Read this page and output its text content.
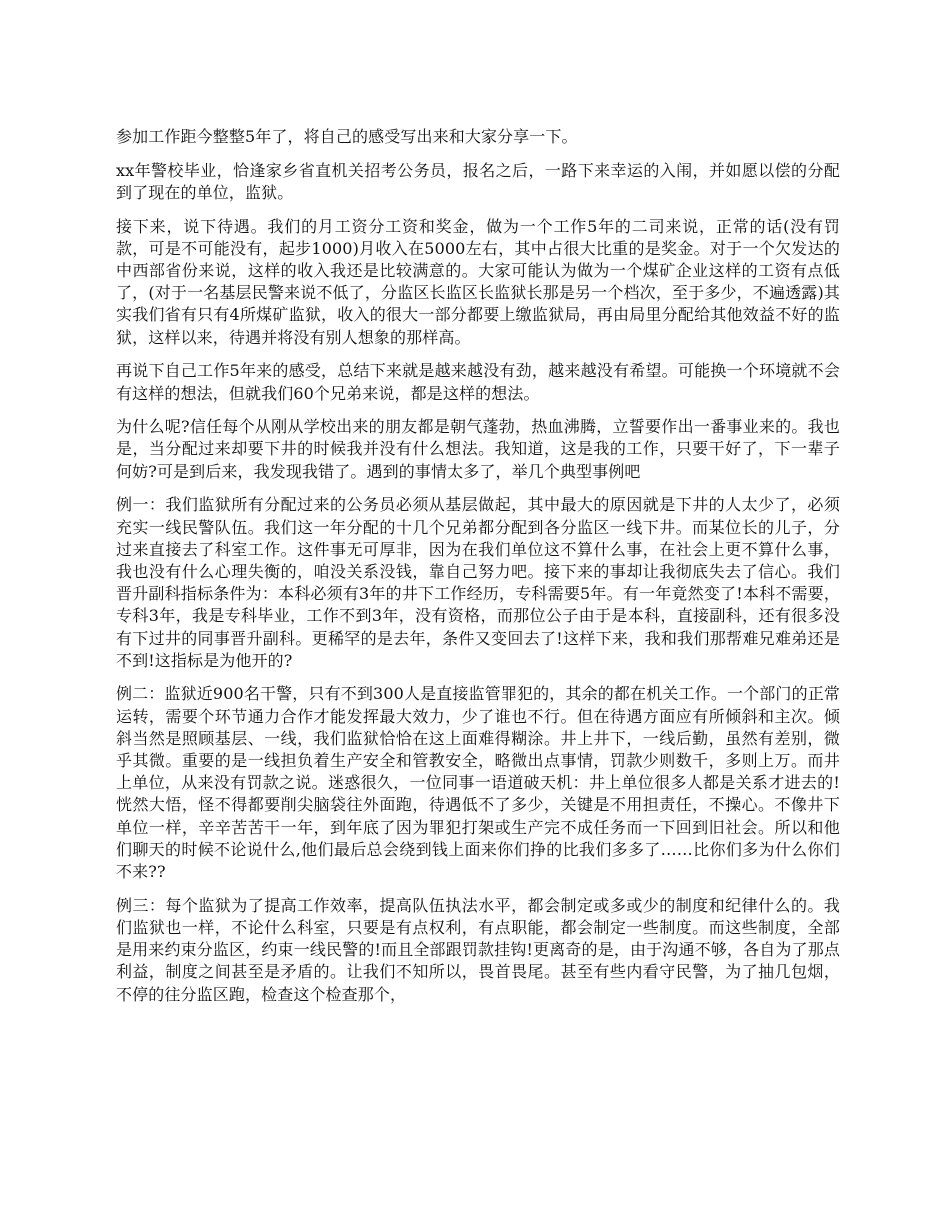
参加工作距今整整5年了，将自己的感受写出来和大家分享一下。

xx年警校毕业，恰逢家乡省直机关招考公务员，报名之后，一路下来幸运的入闱，并如愿以偿的分配到了现在的单位，监狱。

接下来，说下待遇。我们的月工资分工资和奖金，做为一个工作5年的二司来说，正常的话(没有罚款，可是不可能没有，起步1000)月收入在5000左右，其中占很大比重的是奖金。对于一个欠发达的中西部省份来说，这样的收入我还是比较满意的。大家可能认为做为一个煤矿企业这样的工资有点低了，(对于一名基层民警来说不低了，分监区长监区长监狱长那是另一个档次，至于多少，不遍透露)其实我们省有只有4所煤矿监狱，收入的很大一部分都要上缴监狱局，再由局里分配给其他效益不好的监狱，这样以来，待遇并将没有别人想象的那样高。

再说下自己工作5年来的感受，总结下来就是越来越没有劲，越来越没有希望。可能换一个环境就不会有这样的想法，但就我们60个兄弟来说，都是这样的想法。

为什么呢?信任每个从刚从学校出来的朋友都是朝气蓬勃，热血沸腾，立誓要作出一番事业来的。我也是，当分配过来却要下井的时候我并没有什么想法。我知道，这是我的工作，只要干好了，下一辈子何妨?可是到后来，我发现我错了。遇到的事情太多了，举几个典型事例吧

例一：我们监狱所有分配过来的公务员必须从基层做起，其中最大的原因就是下井的人太少了，必须充实一线民警队伍。我们这一年分配的十几个兄弟都分配到各分监区一线下井。而某位长的儿子，分过来直接去了科室工作。这件事无可厚非，因为在我们单位这不算什么事，在社会上更不算什么事，我也没有什么心理失衡的，咱没关系没钱，靠自己努力吧。接下来的事却让我彻底失去了信心。我们晋升副科指标条件为：本科必须有3年的井下工作经历，专科需要5年。有一年竟然变了!本科不需要，专科3年，我是专科毕业，工作不到3年，没有资格，而那位公子由于是本科，直接副科，还有很多没有下过井的同事晋升副科。更稀罕的是去年，条件又变回去了!这样下来，我和我们那帮难兄难弟还是不到!这指标是为他开的?

例二：监狱近900名干警，只有不到300人是直接监管罪犯的，其余的都在机关工作。一个部门的正常运转，需要个环节通力合作才能发挥最大效力，少了谁也不行。但在待遇方面应有所倾斜和主次。倾斜当然是照顾基层、一线，我们监狱恰恰在这上面难得糊涂。井上井下，一线后勤，虽然有差别，微乎其微。重要的是一线担负着生产安全和管教安全，略微出点事情，罚款少则数千，多则上万。而井上单位，从来没有罚款之说。迷惑很久，一位同事一语道破天机：井上单位很多人都是关系才进去的!恍然大悟，怪不得都要削尖脑袋往外面跑，待遇低不了多少，关键是不用担责任，不操心。不像井下单位一样，辛辛苦苦干一年，到年底了因为罪犯打架或生产完不成任务而一下回到旧社会。所以和他们聊天的时候不论说什么,他们最后总会绕到钱上面来你们挣的比我们多多了……比你们多为什么你们不来??

例三：每个监狱为了提高工作效率，提高队伍执法水平，都会制定或多或少的制度和纪律什么的。我们监狱也一样，不论什么科室，只要是有点权利，有点职能，都会制定一些制度。而这些制度，全部是用来约束分监区，约束一线民警的!而且全部跟罚款挂钩!更离奇的是，由于沟通不够，各自为了那点利益，制度之间甚至是矛盾的。让我们不知所以，畏首畏尾。甚至有些内看守民警，为了抽几包烟，不停的往分监区跑，检查这个检查那个，
